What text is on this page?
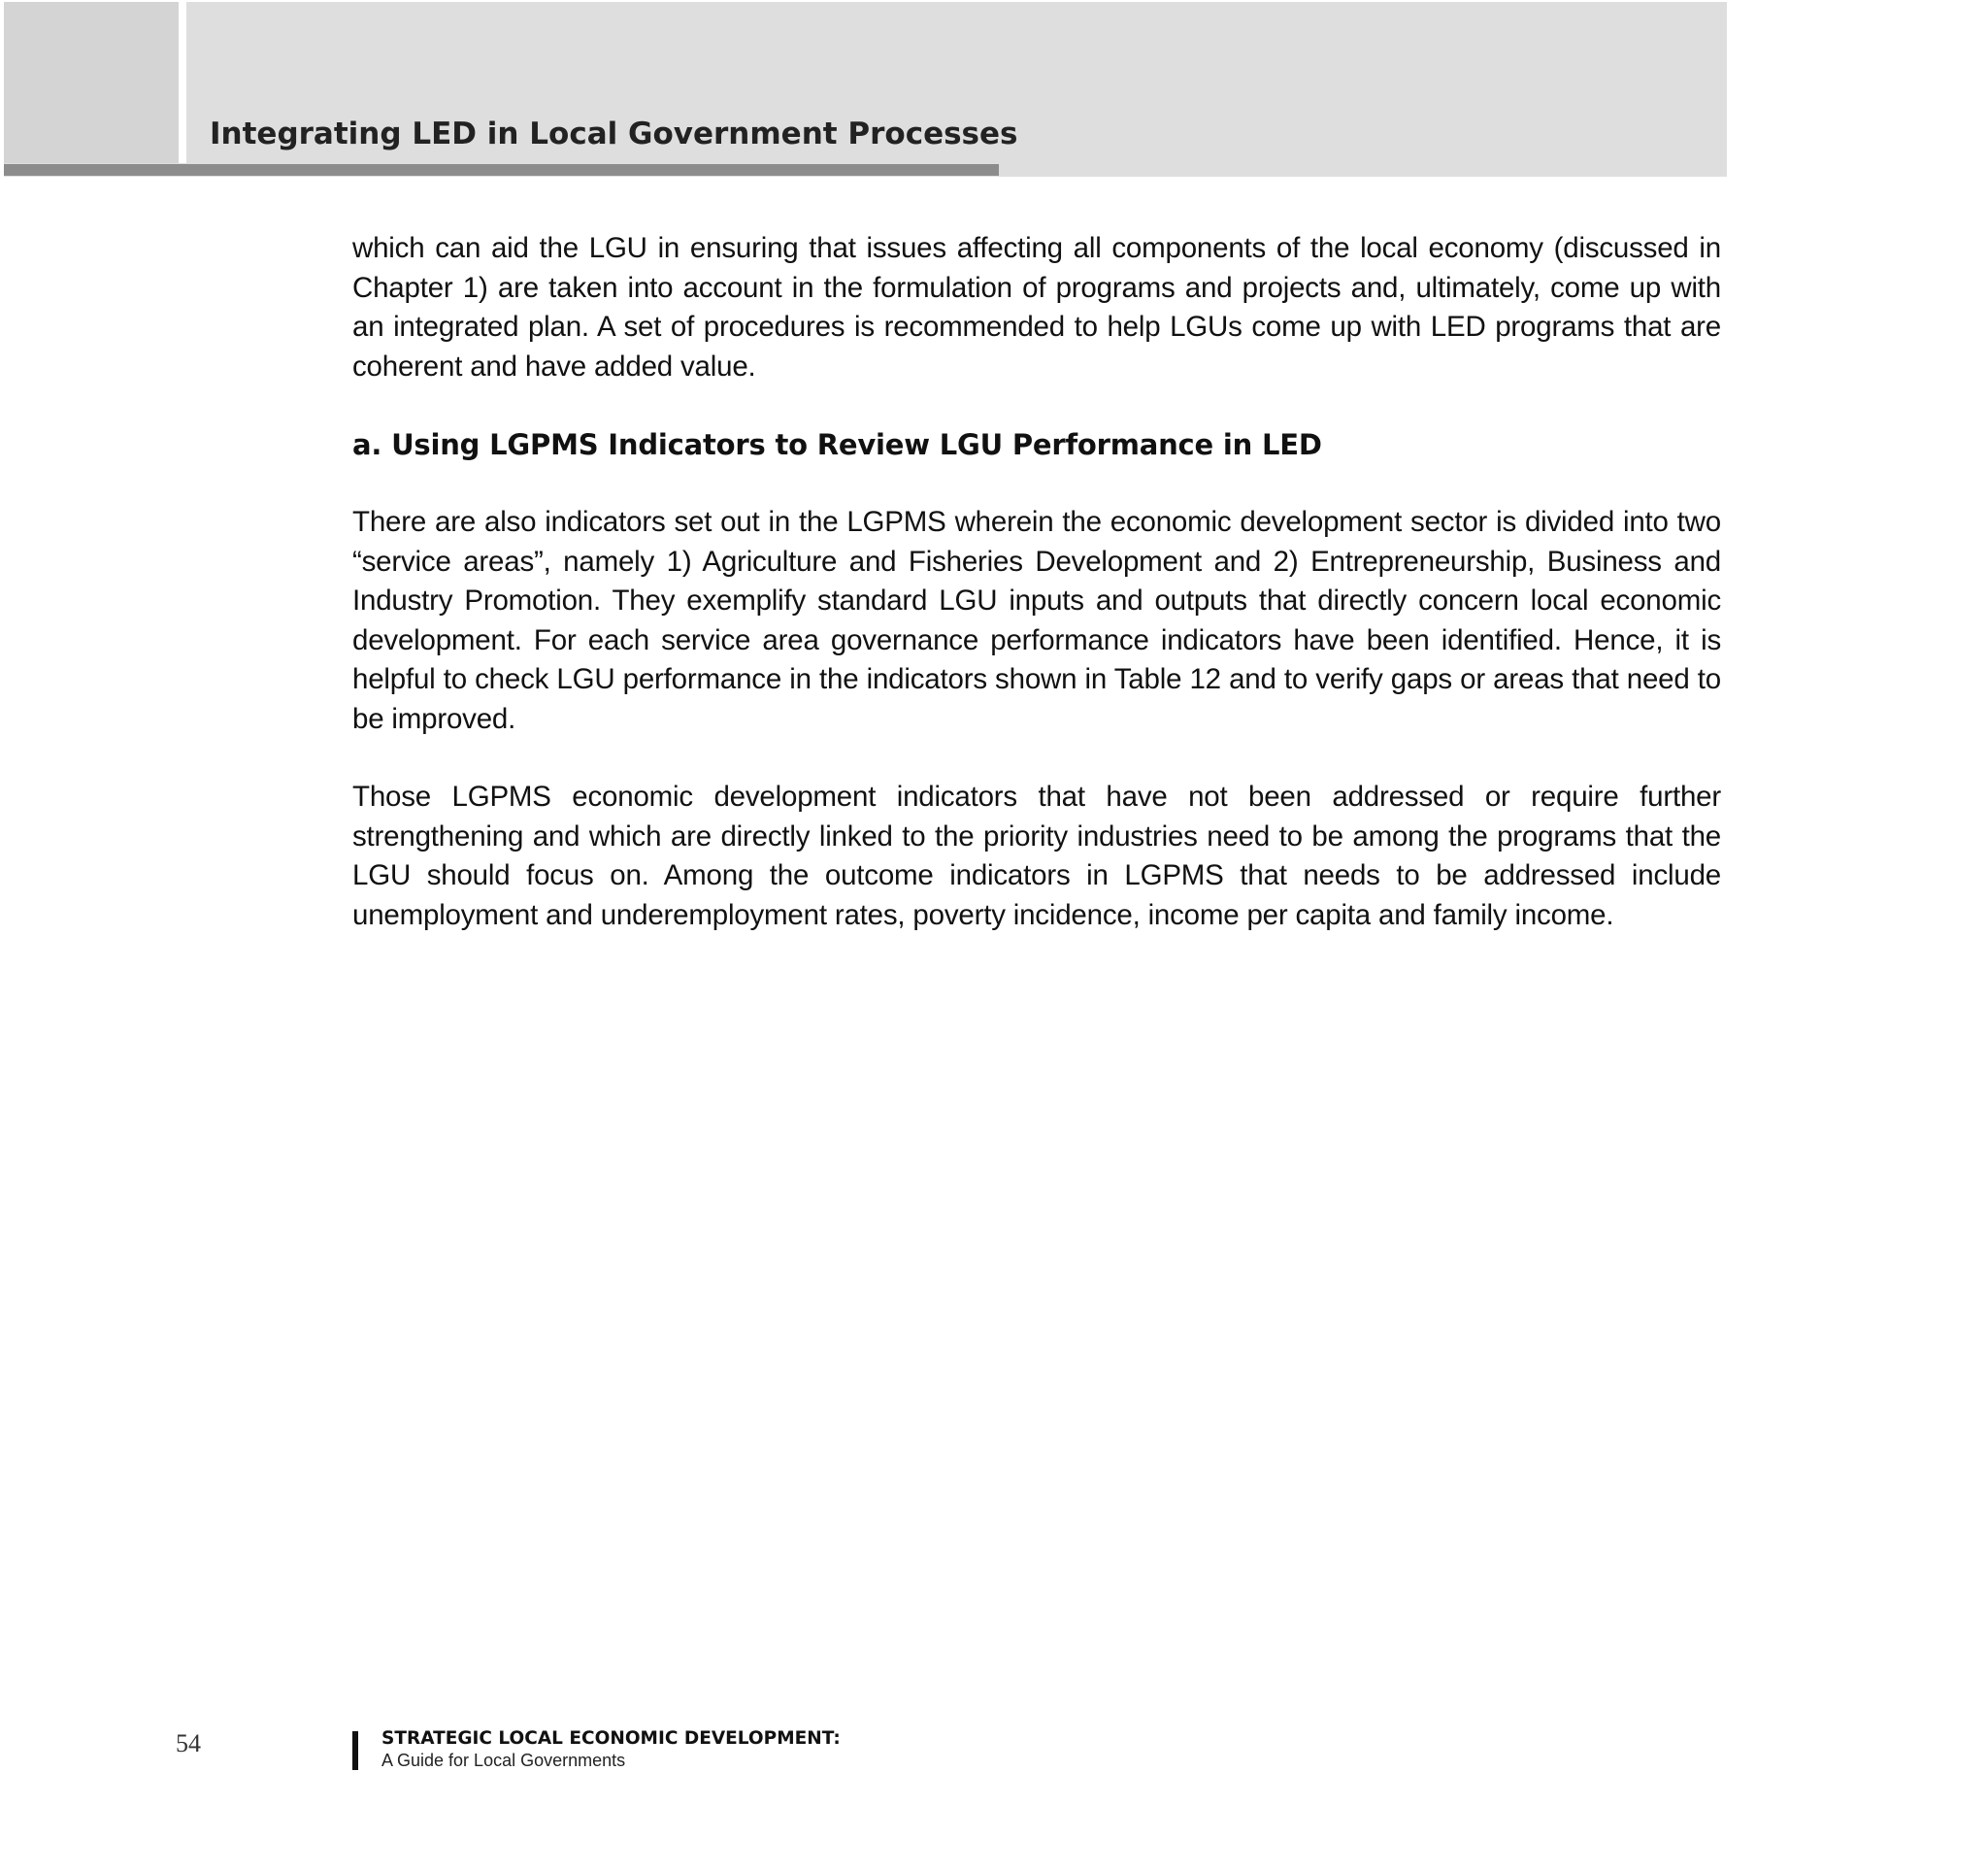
Integrating LED in Local Government Processes

which can aid the LGU in ensuring that issues affecting all components of the local economy (discussed in Chapter 1) are taken into account in the formulation of programs and projects and, ultimately, come up with an integrated plan. A set of procedures is recommended to help LGUs come up with LED programs that are coherent and have added value.

a. Using LGPMS Indicators to Review LGU Performance in LED

There are also indicators set out in the LGPMS wherein the economic development sector is divided into two “service areas”, namely 1) Agriculture and Fisheries Development and 2) Entrepreneurship, Business and Industry Promotion. They exemplify standard LGU inputs and outputs that directly concern local economic development. For each service area governance performance indicators have been identified. Hence, it is helpful to check LGU performance in the indicators shown in Table 12 and to verify gaps or areas that need to be improved.

Those LGPMS economic development indicators that have not been addressed or require further strengthening and which are directly linked to the priority industries need to be among the programs that the LGU should focus on. Among the outcome indicators in LGPMS that needs to be addressed include unemployment and underemployment rates, poverty incidence, income per capita and family income.

54	STRATEGIC LOCAL ECONOMIC DEVELOPMENT:
A Guide for Local Governments
